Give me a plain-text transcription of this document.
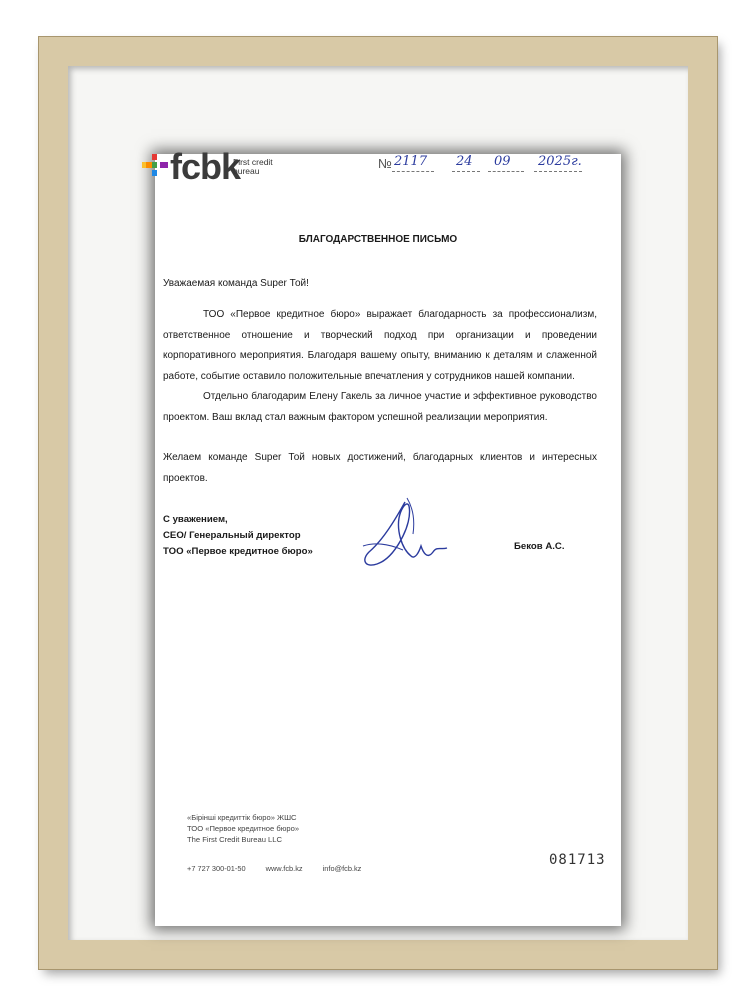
fcbk
First credit
bureau	№ 2117 24 09 2025г.
БЛАГОДАРСТВЕННОЕ ПИСЬМО
Уважаемая команда Super Той!
ТОО «Первое кредитное бюро» выражает благодарность за профессионализм, ответственное отношение и творческий подход при организации и проведении корпоративного мероприятия. Благодаря вашему опыту, вниманию к деталям и слаженной работе, событие оставило положительные впечатления у сотрудников нашей компании.
Отдельно благодарим Елену Гакель за личное участие и эффективное руководство проектом. Ваш вклад стал важным фактором успешной реализации мероприятия.
Желаем команде Super Той новых достижений, благодарных клиентов и интересных проектов.
С уважением,
CEO/ Генеральный директор
ТОО «Первое кредитное бюро»	Беков А.С.
«Бірінші кредиттік бюро» ЖШС
ТОО «Первое кредитное бюро»
The First Credit Bureau LLC
+7 727 300-01-50	www.fcb.kz	info@fcb.kz
081713
